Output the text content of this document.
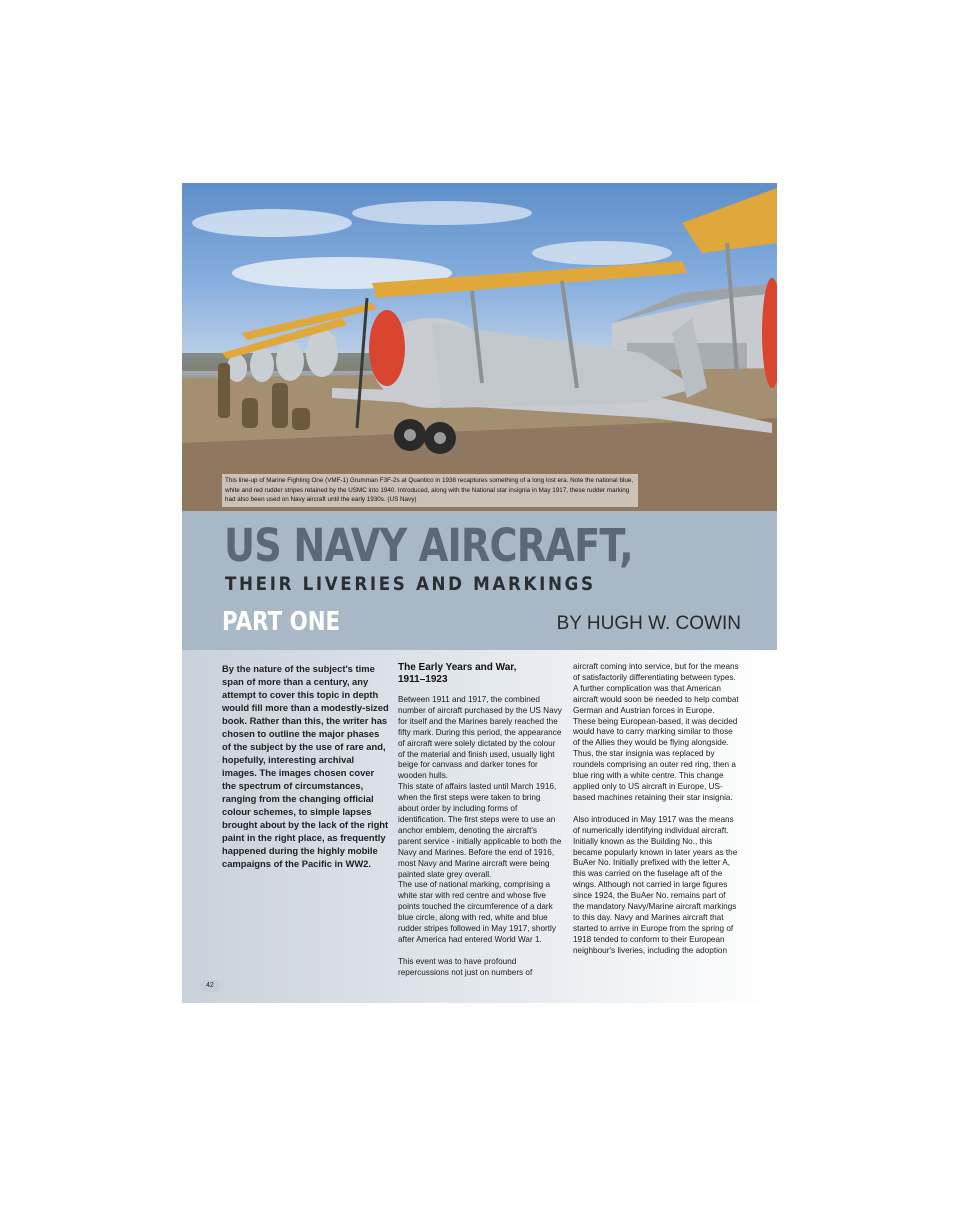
This line-up of Marine Fighting One (VMF-1) Grumman F3F-2s at Quantico in 1938 recaptures something of a long lost era. Note the national blue, white and red rudder stripes retained by the USMC into 1940. Introduced, along with the National star insignia in May 1917, these rudder marking had also been used on Navy aircraft until the early 1930s. (US Navy)
US NAVY AIRCRAFT,
THEIR LIVERIES AND MARKINGS
PART ONE	BY HUGH W. COWIN

By the nature of the subject's time span of more than a century, any attempt to cover this topic in depth would fill more than a modestly-sized book. Rather than this, the writer has chosen to outline the major phases of the subject by the use of rare and, hopefully, interesting archival images. The images chosen cover the spectrum of circumstances, ranging from the changing official colour schemes, to simple lapses brought about by the lack of the right paint in the right place, as frequently happened during the highly mobile campaigns of the Pacific in WW2.

The Early Years and War,
1911–1923

Between 1911 and 1917, the combined number of aircraft purchased by the US Navy for itself and the Marines barely reached the fifty mark. During this period, the appearance of aircraft were solely dictated by the colour of the material and finish used, usually light beige for canvass and darker tones for wooden hulls.
This state of affairs lasted until March 1916, when the first steps were taken to bring about order by including forms of identification. The first steps were to use an anchor emblem, denoting the aircraft's parent service - initially applicable to both the Navy and Marines. Before the end of 1916, most Navy and Marine aircraft were being painted slate grey overall.
The use of national marking, comprising a white star with red centre and whose five points touched the circumference of a dark blue circle, along with red, white and blue rudder stripes followed in May 1917, shortly after America had entered World War 1.

This event was to have profound repercussions not just on numbers of

aircraft coming into service, but for the means of satisfactorily differentiating between types. A further complication was that American aircraft would soon be needed to help combat German and Austrian forces in Europe. These being European-based, it was decided would have to carry marking similar to those of the Allies they would be flying alongside. Thus, the star insignia was replaced by roundels comprising an outer red ring, then a blue ring with a white centre. This change applied only to US aircraft in Europe, US-based machines retaining their star insignia.

Also introduced in May 1917 was the means of numerically identifying individual aircraft. Initially known as the Building No., this became popularly known in later years as the BuAer No. Initially prefixed with the letter A, this was carried on the fuselage aft of the wings. Although not carried in large figures since 1924, the BuAer No. remains part of the mandatory Navy/Marine aircraft markings to this day. Navy and Marines aircraft that started to arrive in Europe from the spring of 1918 tended to conform to their European neighbour's liveries, including the adoption

42
